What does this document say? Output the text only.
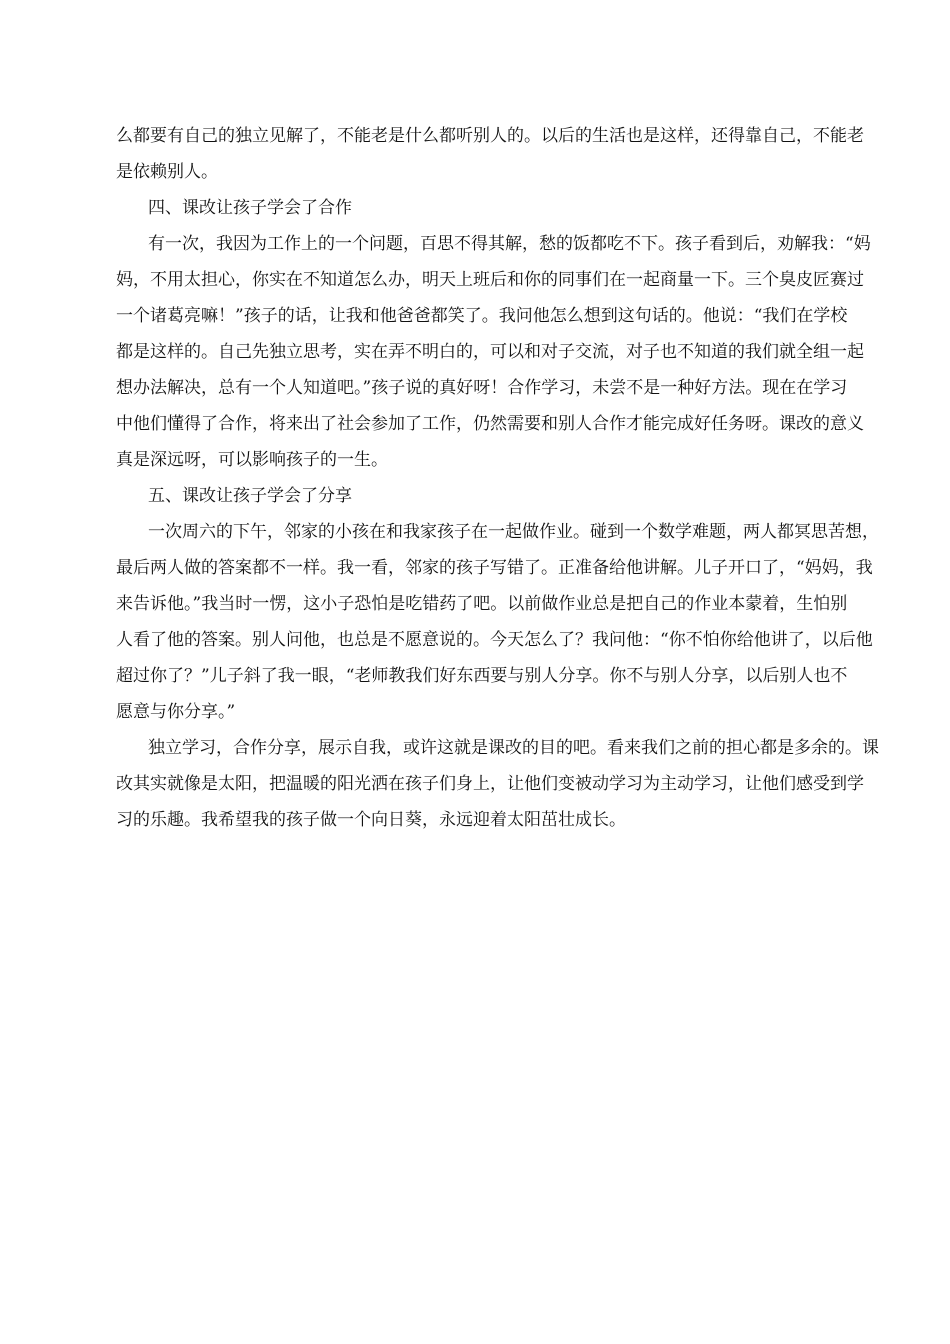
么都要有自己的独立见解了，不能老是什么都听别人的。以后的生活也是这样，还得靠自己，不能老
是依赖别人。
四、课改让孩子学会了合作
有一次，我因为工作上的一个问题，百思不得其解，愁的饭都吃不下。孩子看到后，劝解我：“妈
妈，不用太担心，你实在不知道怎么办，明天上班后和你的同事们在一起商量一下。三个臭皮匠赛过
一个诸葛亮嘛！”孩子的话，让我和他爸爸都笑了。我问他怎么想到这句话的。他说：“我们在学校
都是这样的。自己先独立思考，实在弄不明白的，可以和对子交流，对子也不知道的我们就全组一起
想办法解决，总有一个人知道吧。”孩子说的真好呀！合作学习，未尝不是一种好方法。现在在学习
中他们懂得了合作，将来出了社会参加了工作，仍然需要和别人合作才能完成好任务呀。课改的意义
真是深远呀，可以影响孩子的一生。
五、课改让孩子学会了分享
一次周六的下午，邻家的小孩在和我家孩子在一起做作业。碰到一个数学难题，两人都冥思苦想，
最后两人做的答案都不一样。我一看，邻家的孩子写错了。正准备给他讲解。儿子开口了，“妈妈，我
来告诉他。”我当时一愣，这小子恐怕是吃错药了吧。以前做作业总是把自己的作业本蒙着，生怕别
人看了他的答案。别人问他，也总是不愿意说的。今天怎么了？我问他：“你不怕你给他讲了，以后他
超过你了？”儿子斜了我一眼，“老师教我们好东西要与别人分享。你不与别人分享，以后别人也不
愿意与你分享。”
独立学习，合作分享，展示自我，或许这就是课改的目的吧。看来我们之前的担心都是多余的。课
改其实就像是太阳，把温暖的阳光洒在孩子们身上，让他们变被动学习为主动学习，让他们感受到学
习的乐趣。我希望我的孩子做一个向日葵，永远迎着太阳茁壮成长。
